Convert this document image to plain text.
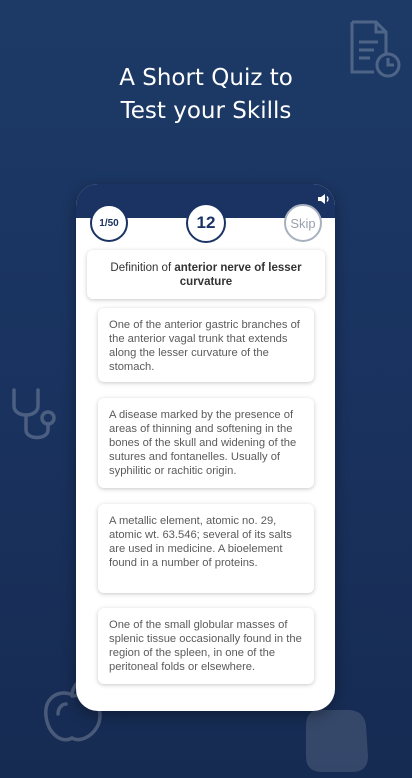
A Short Quiz to
Test your Skills
1/50	12	Skip
Definition of anterior nerve of lesser curvature
One of the anterior gastric branches of the anterior vagal trunk that extends along the lesser curvature of the stomach.
A disease marked by the presence of areas of thinning and softening in the bones of the skull and widening of the sutures and fontanelles. Usually of syphilitic or rachitic origin.
A metallic element, atomic no. 29, atomic wt. 63.546; several of its salts are used in medicine. A bioelement found in a number of proteins.
One of the small globular masses of splenic tissue occasionally found in the region of the spleen, in one of the peritoneal folds or elsewhere.
